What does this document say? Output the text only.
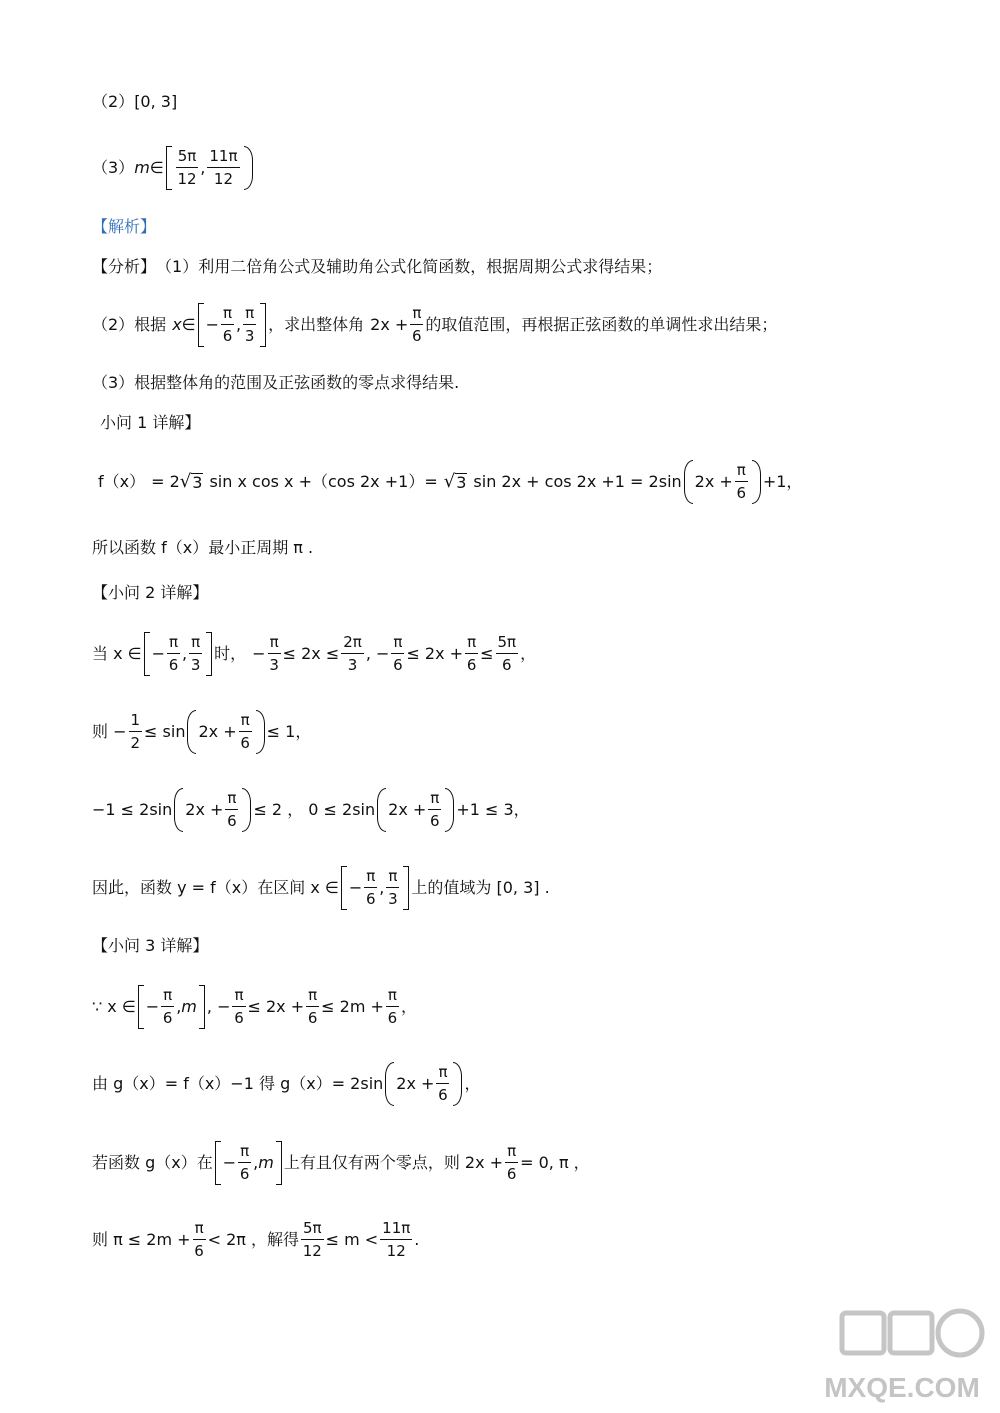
（2） [0, 3]
（3） m ∈ $\frac{5\pi}{12}$ , $\frac{11\pi}{12}$
【解析】
【分析】 （1）利用二倍角公式及辅助角公式化简函数，根据周期公式求得结果；
（2）根据 x ∈ − $\frac{\pi}{6}$ , $\frac{\pi}{3}$ ，求出整体角 $2x + \frac{\pi}{6}$ 的取值范围，再根据正弦函数的单调性求出结果；
（3）根据整体角的范围及正弦函数的零点求得结果.
小问 1 详解】
f（x） = 2 √ 3 sin x cos x +（cos 2x +1）= √ 3 sin 2x + cos 2x +1 = 2sin $2x + \frac{\pi}{6} +1$，
所以函数 f（x）最小正周期 π .
【小问 2 详解】
当 x ∈ − $\frac{\pi}{6}$ , $\frac{\pi}{3}$ 时， − $\frac{\pi}{3} \le 2x \le \frac{2\pi}{3}$ , − $\frac{\pi}{6} \le 2x + \frac{\pi}{6} \le \frac{5\pi}{6}$ ，
则 − $\frac{1}{2} \le \sin 2x + \frac{\pi}{6} \le 1$，
−1 ≤ 2sin $2x + \frac{\pi}{6} \le 2$ ， 0 ≤ 2sin $2x + \frac{\pi}{6} +1 \le 3$，
因此，函数 y = f（x）在区间 x ∈ − $\frac{\pi}{6}$ , $\frac{\pi}{3}$ 上的值域为 [0, 3] .
【小问 3 详解】
∵ x ∈ − $\frac{\pi}{6}$ , m , − $\frac{\pi}{6} \le 2x + \frac{\pi}{6} \le 2m + \frac{\pi}{6}$ ，
由 g（x）= f（x）−1 得 g（x）= 2sin $2x + \frac{\pi}{6}$ ，
若函数 g（x）在 − $\frac{\pi}{6}$ , m 上有且仅有两个零点，则 $2x + \frac{\pi}{6} = 0$, π ，
则 $\pi \le 2m + \frac{\pi}{6} < 2\pi$ ，解得 $\frac{5\pi}{12} \le m < \frac{11\pi}{12}$ .
MXQE.COM
